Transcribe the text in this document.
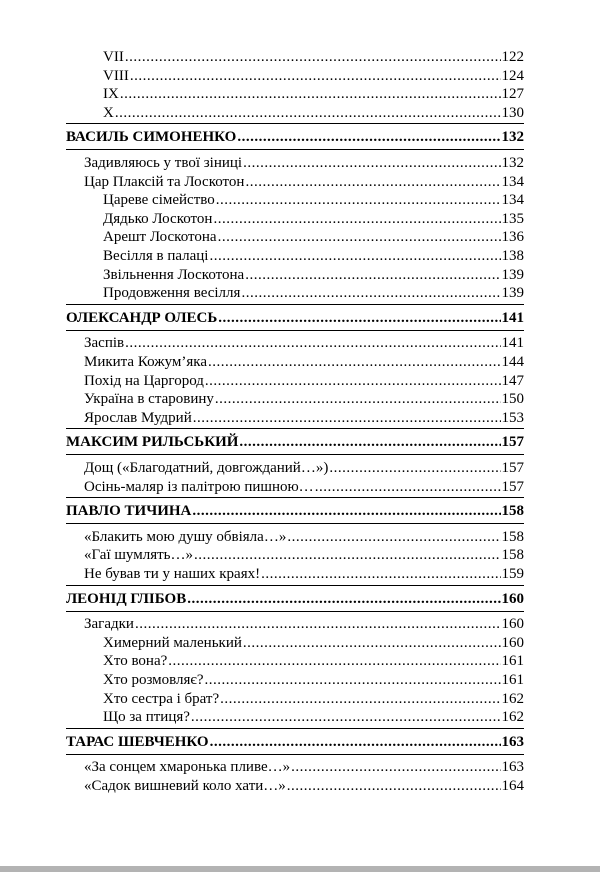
VII .....	122
VIII .....	124
IX .....	127
X .....	130
ВАСИЛЬ СИМОНЕНКО .....	132
Задивляюсь у твої зіниці .....	132
Цар Плаксій та Лоскотон .....	134
Цареве сімейство .....	134
Дядько Лоскотон .....	135
Арешт Лоскотона .....	136
Весілля в палаці .....	138
Звільнення Лоскотона .....	139
Продовження весілля .....	139
ОЛЕКСАНДР ОЛЕСЬ .....	141
Заспів .....	141
Микита Кожум’яка .....	144
Похід на Царгород .....	147
Україна в старовину .....	150
Ярослав Мудрий .....	153
МАКСИМ РИЛЬСЬКИЙ .....	157
Дощ («Благодатний, довгожданий…») .....	157
Осінь-маляр із палітрою пишною… .....	157
ПАВЛО ТИЧИНА .....	158
«Блакить мою душу обвіяла…» .....	158
«Гаї шумлять…» .....	158
Не бував ти у наших краях! .....	159
ЛЕОНІД ГЛІБОВ .....	160
Загадки .....	160
Химерний маленький .....	160
Хто вона? .....	161
Хто розмовляє? .....	161
Хто сестра і брат? .....	162
Що за птиця? .....	162
ТАРАС ШЕВЧЕНКО .....	163
«За сонцем хмаронька пливе…» .....	163
«Садок вишневий коло хати…» .....	164
